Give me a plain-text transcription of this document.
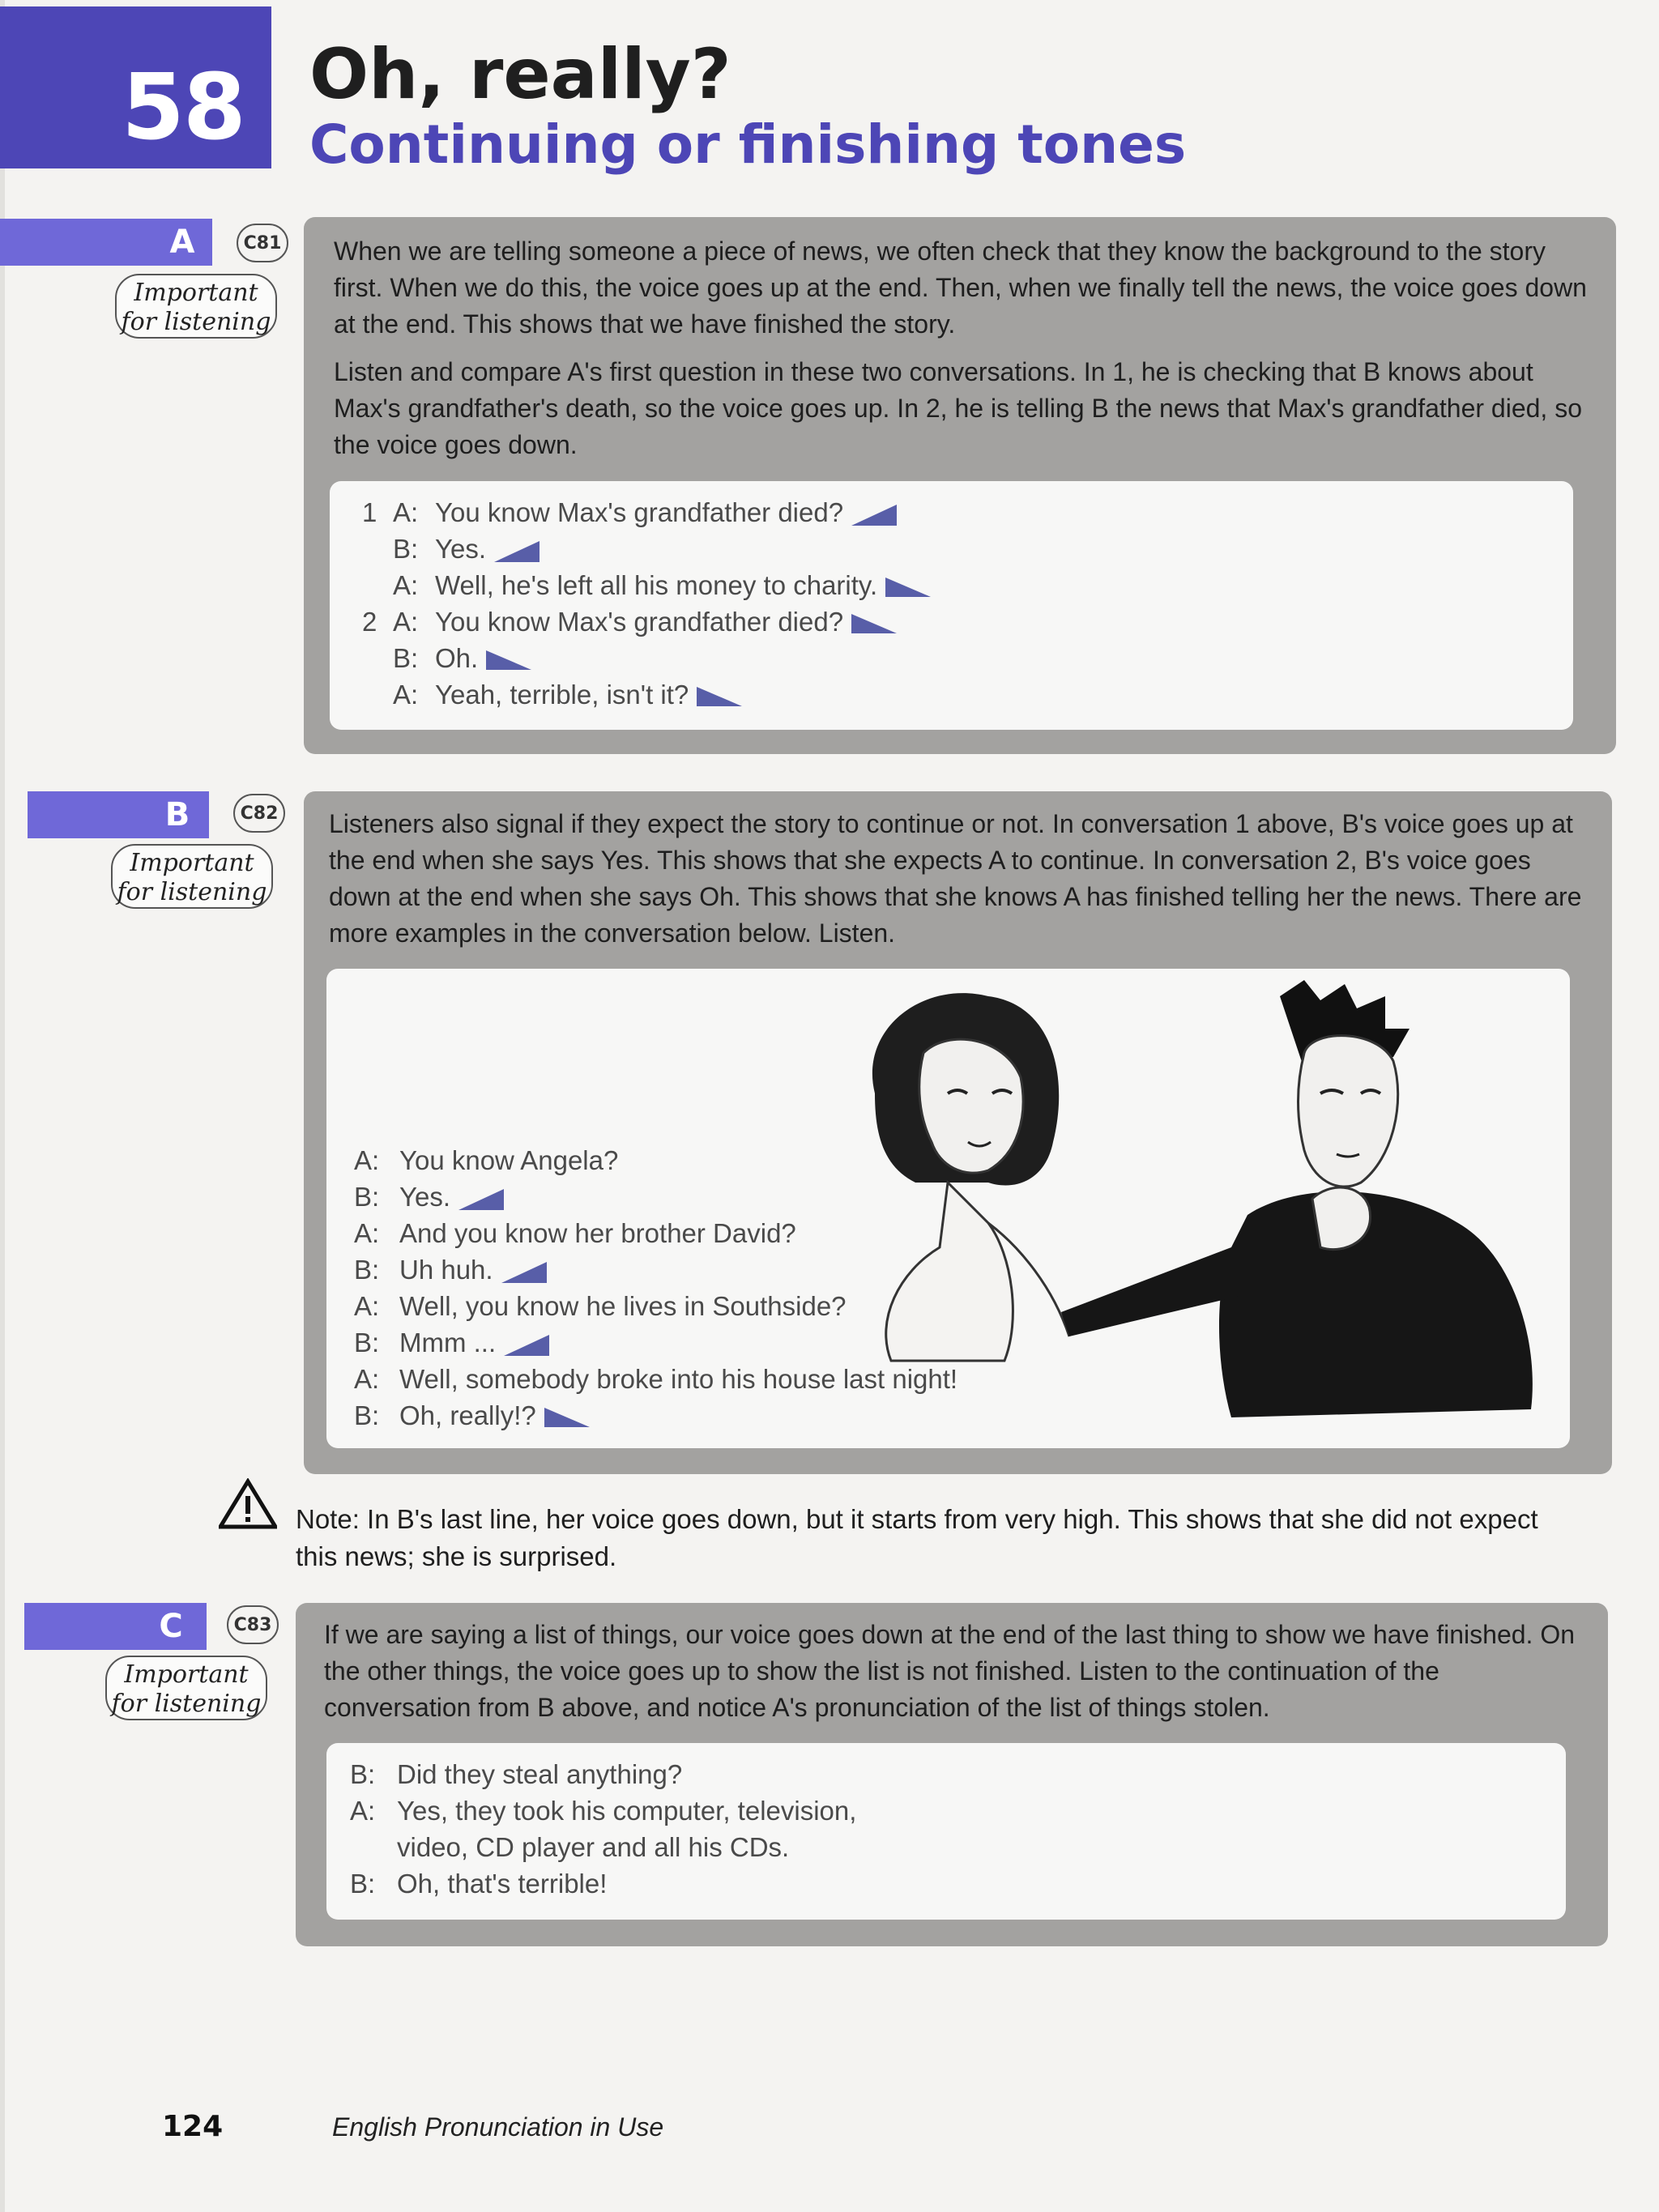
58 Oh, really?
Continuing or finishing tones
A	C81
Important for listening
When we are telling someone a piece of news, we often check that they know the background to the story first. When we do this, the voice goes up at the end. Then, when we finally tell the news, the voice goes down at the end. This shows that we have finished the story.
Listen and compare A's first question in these two conversations. In 1, he is checking that B knows about Max's grandfather's death, so the voice goes up. In 2, he is telling B the news that Max's grandfather died, so the voice goes down.
1 A: You know Max's grandfather died?
B: Yes.
A: Well, he's left all his money to charity.
2 A: You know Max's grandfather died?
B: Oh.
A: Yeah, terrible, isn't it?
B	C82
Important for listening
Listeners also signal if they expect the story to continue or not. In conversation 1 above, B's voice goes up at the end when she says Yes. This shows that she expects A to continue. In conversation 2, B's voice goes down at the end when she says Oh. This shows that she knows A has finished telling her the news. There are more examples in the conversation below. Listen.
A: You know Angela?
B: Yes.
A: And you know her brother David?
B: Uh huh.
A: Well, you know he lives in Southside?
B: Mmm ...
A: Well, somebody broke into his house last night!
B: Oh, really!?
Note: In B's last line, her voice goes down, but it starts from very high. This shows that she did not expect this news; she is surprised.
C	C83
Important for listening
If we are saying a list of things, our voice goes down at the end of the last thing to show we have finished. On the other things, the voice goes up to show the list is not finished. Listen to the continuation of the conversation from B above, and notice A's pronunciation of the list of things stolen.
B: Did they steal anything?
A: Yes, they took his computer, television,
video, CD player and all his CDs.
B: Oh, that's terrible!
124	English Pronunciation in Use
